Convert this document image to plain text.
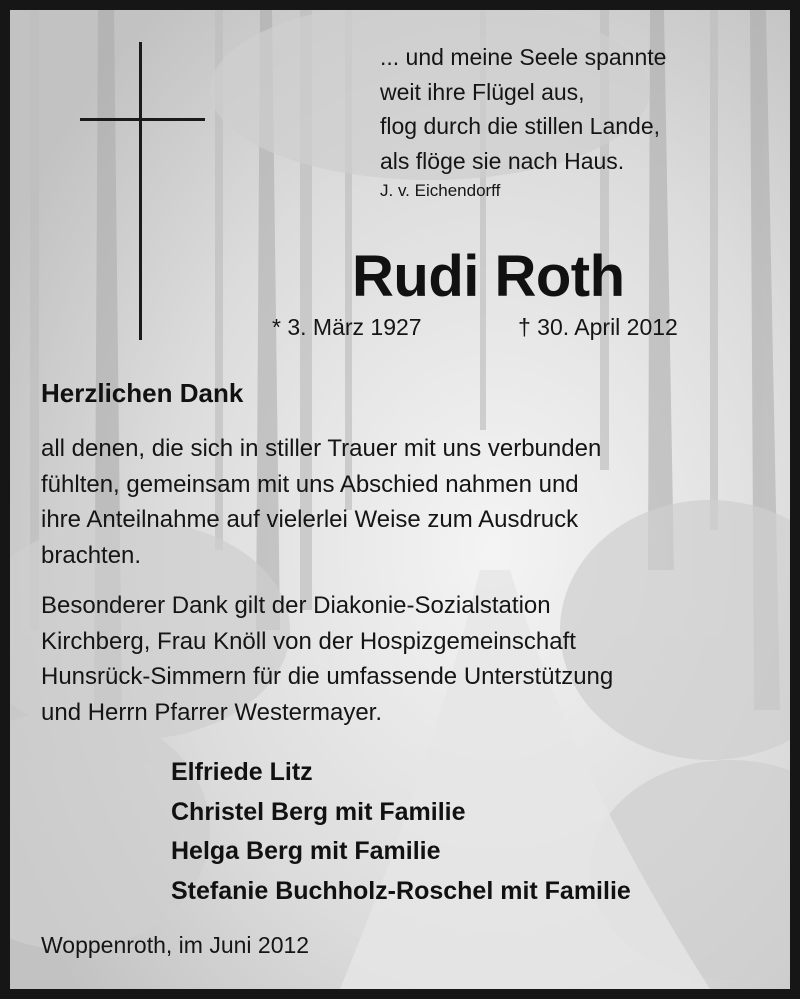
... und meine Seele spannte
weit ihre Flügel aus,
flog durch die stillen Lande,
als flöge sie nach Haus.
J. v. Eichendorff
Rudi Roth
* 3. März 1927	† 30. April 2012
Herzlichen Dank
all denen, die sich in stiller Trauer mit uns verbunden
fühlten, gemeinsam mit uns Abschied nahmen und
ihre Anteilnahme auf vielerlei Weise zum Ausdruck
brachten.
Besonderer Dank gilt der Diakonie-Sozialstation
Kirchberg, Frau Knöll von der Hospizgemeinschaft
Hunsrück-Simmern für die umfassende Unterstützung
und Herrn Pfarrer Westermayer.
Elfriede Litz
Christel Berg mit Familie
Helga Berg mit Familie
Stefanie Buchholz-Roschel mit Familie
Woppenroth, im Juni 2012
